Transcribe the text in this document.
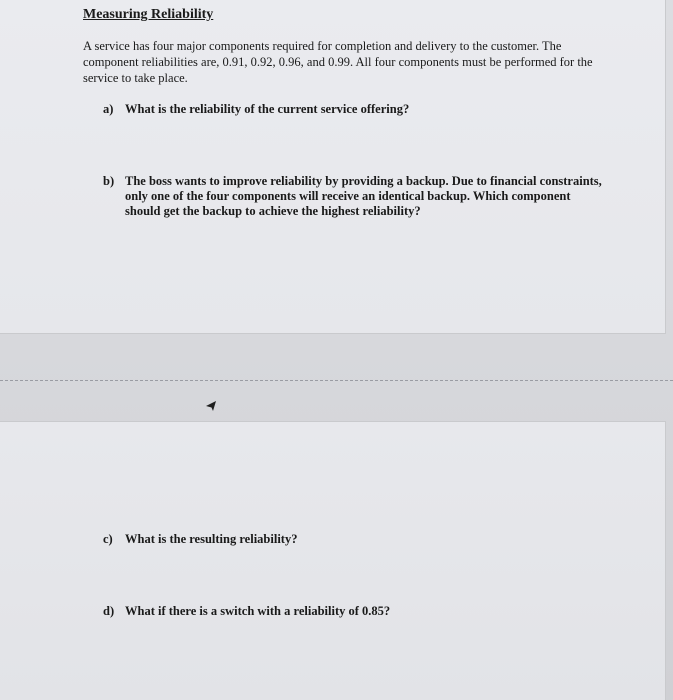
Measuring Reliability

A service has four major components required for completion and delivery to the customer. The component reliabilities are, 0.91, 0.92, 0.96, and 0.99. All four components must be performed for the service to take place.

a) What is the reliability of the current service offering?
b) The boss wants to improve reliability by providing a backup. Due to financial constraints, only one of the four components will receive an identical backup. Which component should get the backup to achieve the highest reliability?
c) What is the resulting reliability?
d) What if there is a switch with a reliability of 0.85?
